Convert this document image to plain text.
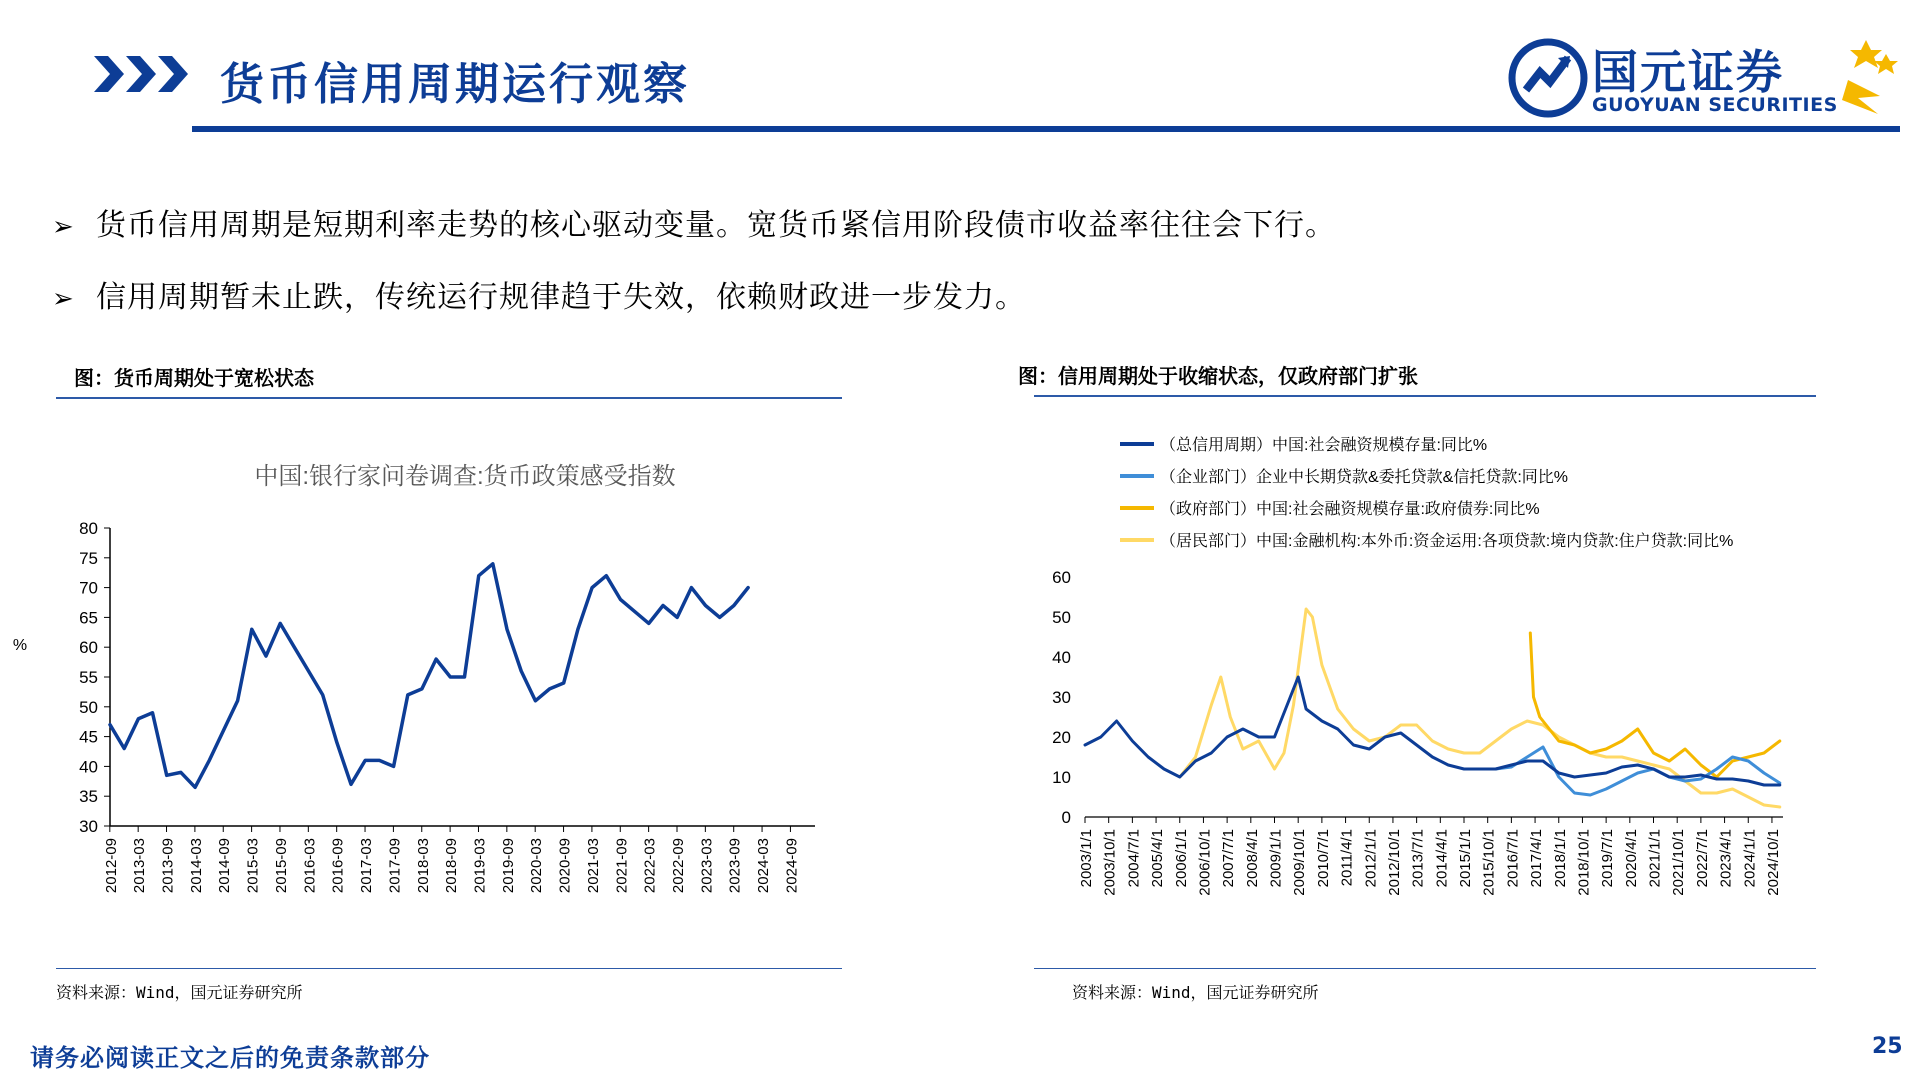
货币信用周期运行观察	国元证券
GUOYUAN SECURITIES
➢ 货币信用周期是短期利率走势的核心驱动变量。宽货币紧信用阶段债市收益率往往会下行。
➢ 信用周期暂未止跌，传统运行规律趋于失效，依赖财政进一步发力。
图：货币周期处于宽松状态
中国:银行家问卷调查:货币政策感受指数
%
30
35
40
45
50
55
60
65
70
75
80
2012-09 2013-03 2013-09 2014-03 2014-09 2015-03 2015-09 2016-03 2016-09 2017-03 2017-09 2018-03 2018-09 2019-03 2019-09 2020-03 2020-09 2021-03 2021-09 2022-03 2022-09 2023-03 2023-09 2024-03 2024-09
资料来源：Wind，国元证券研究所
图：信用周期处于收缩状态，仅政府部门扩张
（总信用周期）中国:社会融资规模存量:同比%
（企业部门）企业中长期贷款&委托贷款&信托贷款:同比%
（政府部门）中国:社会融资规模存量:政府债券:同比%
（居民部门）中国:金融机构:本外币:资金运用:各项贷款:境内贷款:住户贷款:同比%
0
10
20
30
40
50
60
2003/1/1 2003/10/1 2004/7/1 2005/4/1 2006/1/1 2006/10/1 2007/7/1 2008/4/1 2009/1/1 2009/10/1 2010/7/1 2011/4/1 2012/1/1 2012/10/1 2013/7/1 2014/4/1 2015/1/1 2015/10/1 2016/7/1 2017/4/1 2018/1/1 2018/10/1 2019/7/1 2020/4/1 2021/1/1 2021/10/1 2022/7/1 2023/4/1 2024/1/1 2024/10/1
资料来源：Wind，国元证券研究所
请务必阅读正文之后的免责条款部分	25
